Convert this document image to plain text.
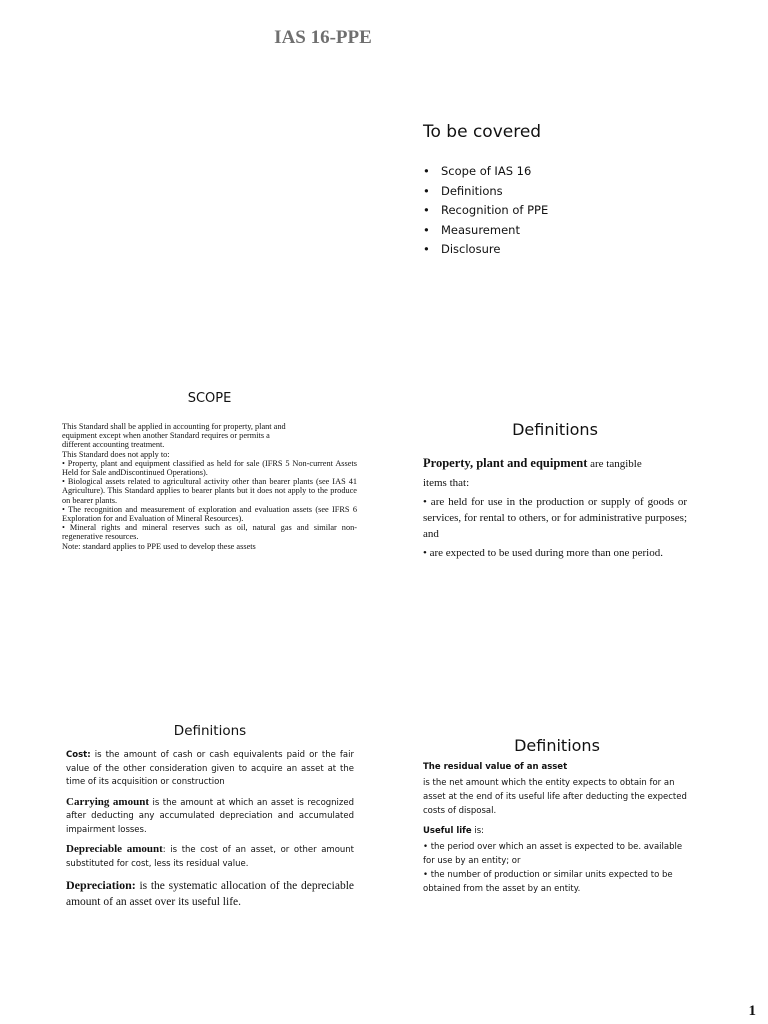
IAS 16-PPE
To be covered
• Scope of IAS 16
• Definitions
• Recognition of PPE
• Measurement
• Disclosure
SCOPE

This Standard shall be applied in accounting for property, plant and

equipment except when another Standard requires or permits a

different accounting treatment.

This Standard does not apply to:

• Property, plant and equipment classified as held for sale (IFRS 5 Non-current Assets Held for Sale andDiscontinued Operations).

• Biological assets related to agricultural activity other than bearer plants (see IAS 41 Agriculture). This Standard applies to bearer plants but it does not apply to the produce on bearer plants.

• The recognition and measurement of exploration and evaluation assets (see IFRS 6 Exploration for and Evaluation of Mineral Resources).

• Mineral rights and mineral reserves such as oil, natural gas and similar non-regenerative resources.

Note: standard applies to PPE used to develop these assets

Definitions

Property, plant and equipment are tangible

items that:

• are held for use in the production or supply of goods or services, for rental to others, or for administrative purposes; and

• are expected to be used during more than one period.

Definitions

Cost: is the amount of cash or cash equivalents paid or the fair value of the other consideration given to acquire an asset at the time of its acquisition or construction

Carrying amount is the amount at which an asset is recognized after deducting any accumulated depreciation and accumulated impairment losses.

Depreciable amount: is the cost of an asset, or other amount substituted for cost, less its residual value.

Depreciation: is the systematic allocation of the depreciable amount of an asset over its useful life.

Definitions

The residual value of an asset

is the net amount which the entity expects to obtain for an asset at the end of its useful life after deducting the expected costs of disposal.

Useful life is:

• the period over which an asset is expected to be. available for use by an entity; or

• the number of production or similar units expected to be obtained from the asset by an entity.

1
